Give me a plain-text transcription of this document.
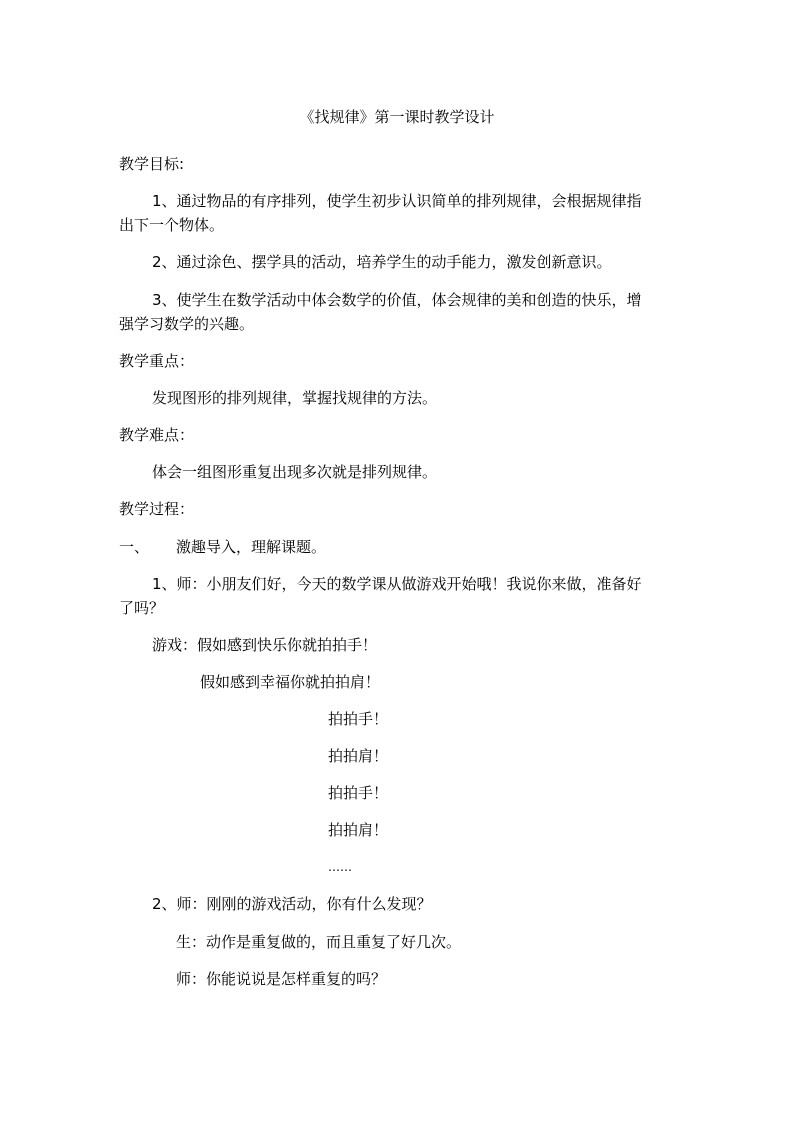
《找规律》第一课时教学设计
教学目标:
1、通过物品的有序排列，使学生初步认识简单的排列规律，会根据规律指
出下一个物体。
2、通过涂色、摆学具的活动，培养学生的动手能力，激发创新意识。
3、使学生在数学活动中体会数学的价值，体会规律的美和创造的快乐，增
强学习数学的兴趣。
教学重点：
发现图形的排列规律，掌握找规律的方法。
教学难点：
体会一组图形重复出现多次就是排列规律。
教学过程：
一、 激趣导入，理解课题。
1、师：小朋友们好，今天的数学课从做游戏开始哦！我说你来做，准备好
了吗？
游戏：假如感到快乐你就拍拍手！
假如感到幸福你就拍拍肩！
拍拍手！
拍拍肩！
拍拍手！
拍拍肩！
……
2、师：刚刚的游戏活动，你有什么发现？
生：动作是重复做的，而且重复了好几次。
师：你能说说是怎样重复的吗？
